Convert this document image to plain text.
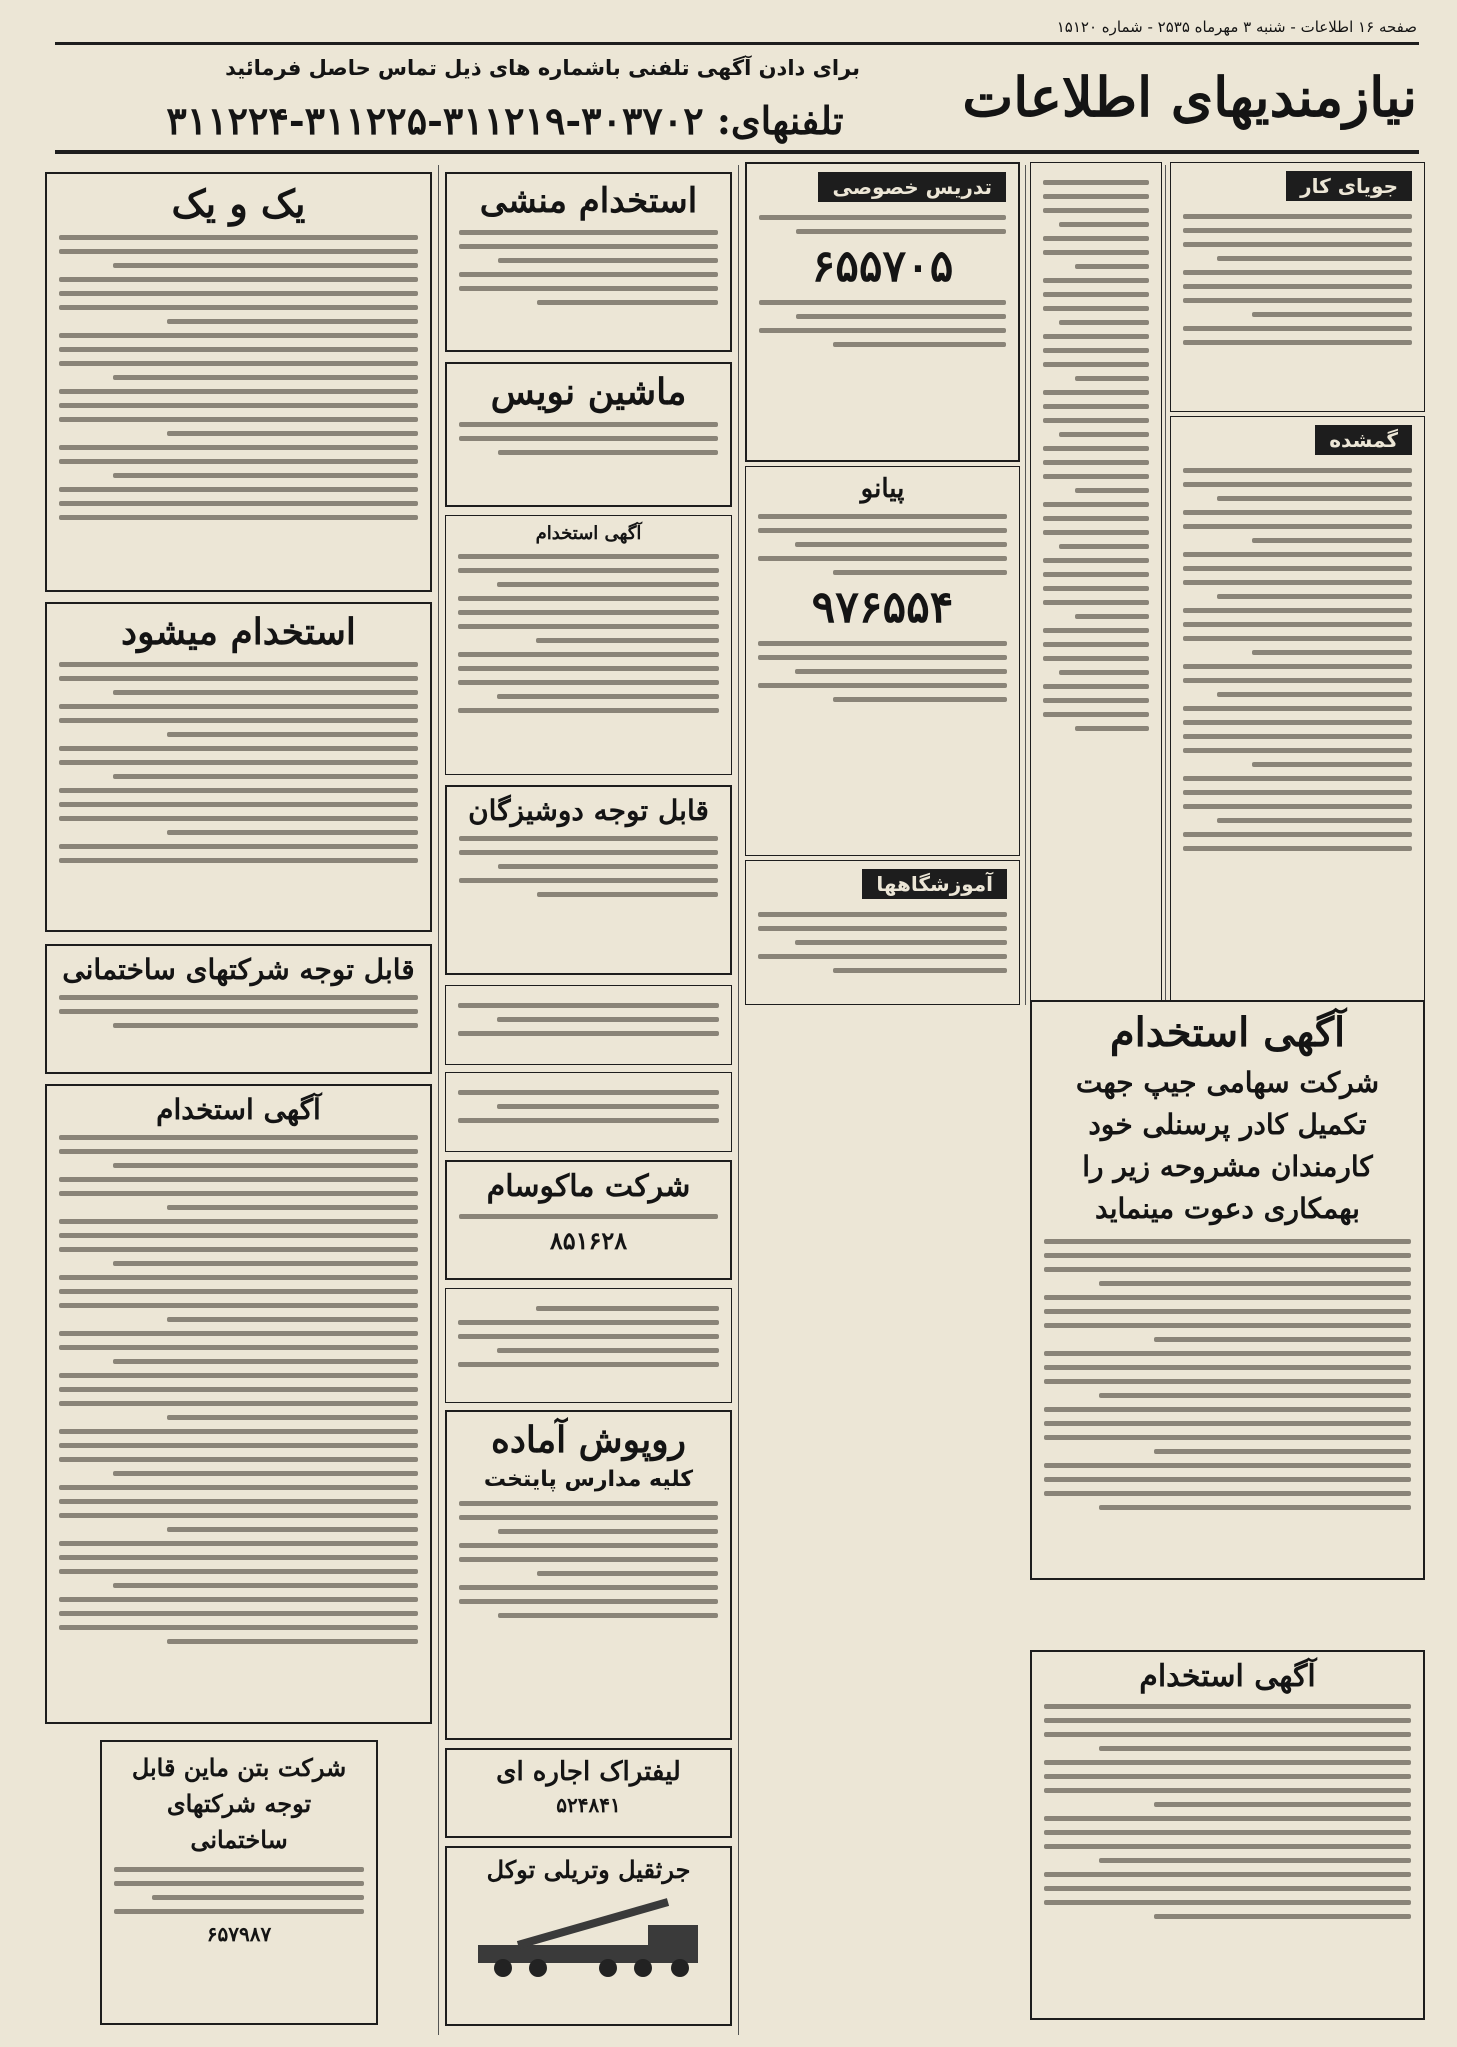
صفحه ۱۶ اطلاعات - شنبه ۳ مهرماه ۲۵۳۵ - شماره ۱۵۱۲۰
نیازمندیهای اطلاعات
برای دادن آگهی تلفنی باشماره های ذیل تماس حاصل فرمائید
تلفنهای: ۳۰۳۷۰۲-۳۱۱۲۱۹-۳۱۱۲۲۵-۳۱۱۲۲۴
جویای کار
گمشده
تدریس خصوصی
۶۵۵۷۰۵
پیانو
۹۷۶۵۵۴
آموزشگاهها
آگهی استخدام
شرکت سهامی جیپ جهت تکمیل کادر پرسنلی خود کارمندان مشروحه زیر را بهمکاری دعوت مینماید
آگهی استخدام
استخدام منشی
ماشین نویس
آگهی استخدام
قابل توجه دوشیزگان
شرکت ماکوسام
۸۵۱۶۲۸
روپوش آماده
کلیه مدارس پایتخت
لیفتراک اجاره ای
۵۲۴۸۴۱
جرثقیل وتریلی توکل
یک و یک
استخدام میشود
قابل توجه شرکتهای ساختمانی
آگهی استخدام
شرکت بتن ماین قابل توجه شرکتهای ساختمانی
۶۵۷۹۸۷
